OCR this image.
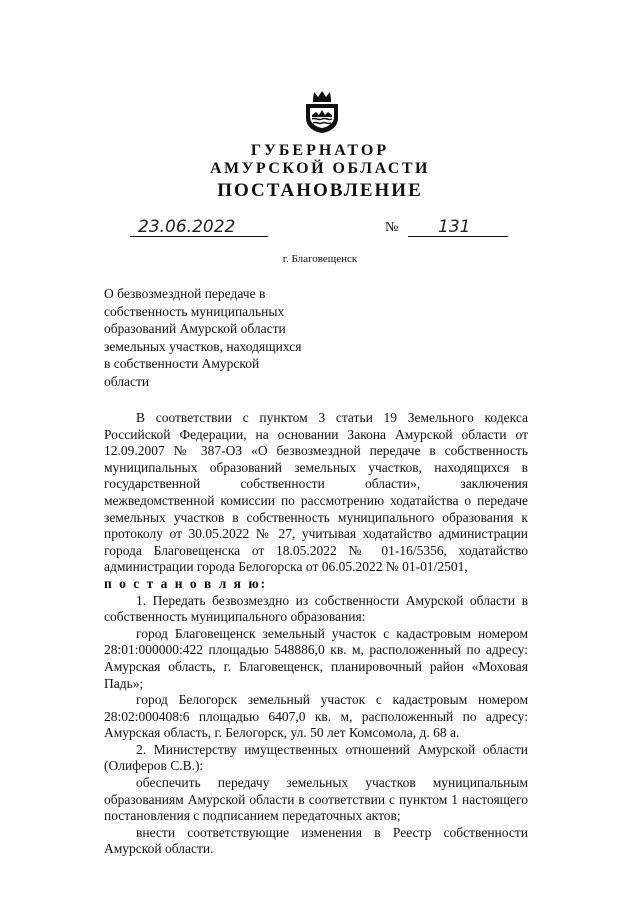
ГУБЕРНАТОР
АМУРСКОЙ ОБЛАСТИ
ПОСТАНОВЛЕНИЕ
23.06.2022	№	131
г. Благовещенск
О безвозмездной передаче в
собственность муниципальных
образований Амурской области
земельных участков, находящихся
в собственности Амурской
области

В соответствии с пунктом 3 статьи 19 Земельного кодекса Российской Федерации, на основании Закона Амурской области от 12.09.2007 № 387-ОЗ «О безвозмездной передаче в собственность муниципальных образований земельных участков, находящихся в государственной собственности области», заключения межведомственной комиссии по рассмотрению ходатайства о передаче земельных участков в собственность муниципального образования к протоколу от 30.05.2022 № 27, учитывая ходатайство администрации города Благовещенска от 18.05.2022 № 01-16/5356, ходатайство администрации города Белогорска от 06.05.2022 № 01-01/2501,

п о с т а н о в л я ю:

1. Передать безвозмездно из собственности Амурской области в собственность муниципального образования:

город Благовещенск земельный участок с кадастровым номером 28:01:000000:422 площадью 548886,0 кв. м, расположенный по адресу: Амурская область, г. Благовещенск, планировочный район «Моховая Падь»;

город Белогорск земельный участок с кадастровым номером 28:02:000408:6 площадью 6407,0 кв. м, расположенный по адресу: Амурская область, г. Белогорск, ул. 50 лет Комсомола, д. 68 а.

2. Министерству имущественных отношений Амурской области (Олиферов С.В.):

обеспечить передачу земельных участков муниципальным образованиям Амурской области в соответствии с пунктом 1 настоящего постановления с подписанием передаточных актов;

внести соответствующие изменения в Реестр собственности Амурской области.
